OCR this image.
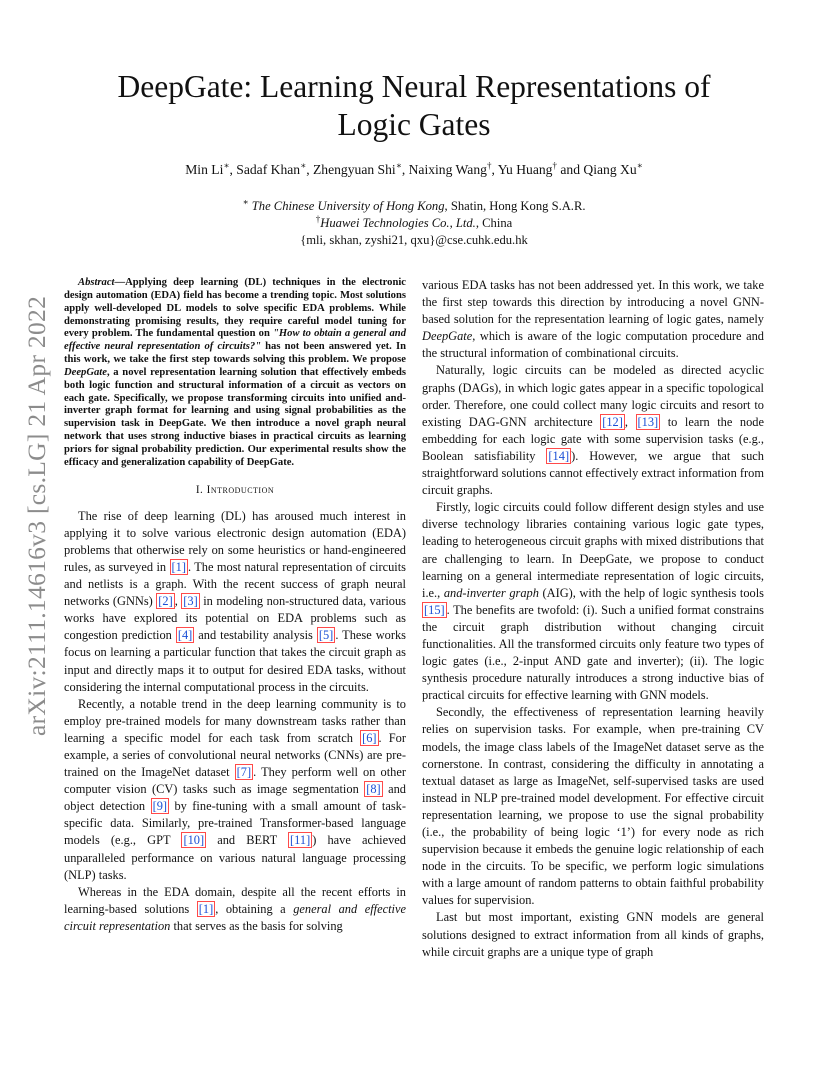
arXiv:2111.14616v3 [cs.LG] 21 Apr 2022
DeepGate: Learning Neural Representations of
Logic Gates
Min Li∗, Sadaf Khan∗, Zhengyuan Shi∗, Naixing Wang†, Yu Huang† and Qiang Xu∗
∗ The Chinese University of Hong Kong, Shatin, Hong Kong S.A.R.
†Huawei Technologies Co., Ltd., China
{mli, skhan, zyshi21, qxu}@cse.cuhk.edu.hk

Abstract—Applying deep learning (DL) techniques in the electronic design automation (EDA) field has become a trending topic. Most solutions apply well-developed DL models to solve specific EDA problems. While demonstrating promising results, they require careful model tuning for every problem. The fundamental question on "How to obtain a general and effective neural representation of circuits?" has not been answered yet. In this work, we take the first step towards solving this problem. We propose DeepGate, a novel representation learning solution that effectively embeds both logic function and structural information of a circuit as vectors on each gate. Specifically, we propose transforming circuits into unified and-inverter graph format for learning and using signal probabilities as the supervision task in DeepGate. We then introduce a novel graph neural network that uses strong inductive biases in practical circuits as learning priors for signal probability prediction. Our experimental results show the efficacy and generalization capability of DeepGate.

I. Introduction

The rise of deep learning (DL) has aroused much interest in applying it to solve various electronic design automation (EDA) problems that otherwise rely on some heuristics or hand-engineered rules, as surveyed in [1] . The most natural representation of circuits and netlists is a graph. With the recent success of graph neural networks (GNNs) [2] , [3] in modeling non-structured data, various works have explored its potential on EDA problems such as congestion prediction [4] and testability analysis [5] . These works focus on learning a particular function that takes the circuit graph as input and directly maps it to output for desired EDA tasks, without considering the internal computational process in the circuits.

Recently, a notable trend in the deep learning community is to employ pre-trained models for many downstream tasks rather than learning a specific model for each task from scratch [6] . For example, a series of convolutional neural networks (CNNs) are pre-trained on the ImageNet dataset [7] . They perform well on other computer vision (CV) tasks such as image segmentation [8] and object detection [9] by fine-tuning with a small amount of task-specific data. Similarly, pre-trained Transformer-based language models (e.g., GPT [10] and BERT [11] ) have achieved unparalleled performance on various natural language processing (NLP) tasks.

Whereas in the EDA domain, despite all the recent efforts in learning-based solutions [1] , obtaining a general and effective circuit representation that serves as the basis for solving

various EDA tasks has not been addressed yet. In this work, we take the first step towards this direction by introducing a novel GNN-based solution for the representation learning of logic gates, namely DeepGate, which is aware of the logic computation procedure and the structural information of combinational circuits.

Naturally, logic circuits can be modeled as directed acyclic graphs (DAGs), in which logic gates appear in a specific topological order. Therefore, one could collect many logic circuits and resort to existing DAG-GNN architecture [12] , [13] to learn the node embedding for each logic gate with some supervision tasks (e.g., Boolean satisfiability [14] ). However, we argue that such straightforward solutions cannot effectively extract information from circuit graphs.

Firstly, logic circuits could follow different design styles and use diverse technology libraries containing various logic gate types, leading to heterogeneous circuit graphs with mixed distributions that are challenging to learn. In DeepGate, we propose to conduct learning on a general intermediate representation of logic circuits, i.e., and-inverter graph (AIG), with the help of logic synthesis tools [15] . The benefits are twofold: (i). Such a unified format constrains the circuit graph distribution without changing circuit functionalities. All the transformed circuits only feature two types of logic gates (i.e., 2-input AND gate and inverter); (ii). The logic synthesis procedure naturally introduces a strong inductive bias of practical circuits for effective learning with GNN models.

Secondly, the effectiveness of representation learning heavily relies on supervision tasks. For example, when pre-training CV models, the image class labels of the ImageNet dataset serve as the cornerstone. In contrast, considering the difficulty in annotating a textual dataset as large as ImageNet, self-supervised tasks are used instead in NLP pre-trained model development. For effective circuit representation learning, we propose to use the signal probability (i.e., the probability of being logic ‘1’) for every node as rich supervision because it embeds the genuine logic relationship of each node in the circuits. To be specific, we perform logic simulations with a large amount of random patterns to obtain faithful probability values for supervision.

Last but most important, existing GNN models are general solutions designed to extract information from all kinds of graphs, while circuit graphs are a unique type of graph
